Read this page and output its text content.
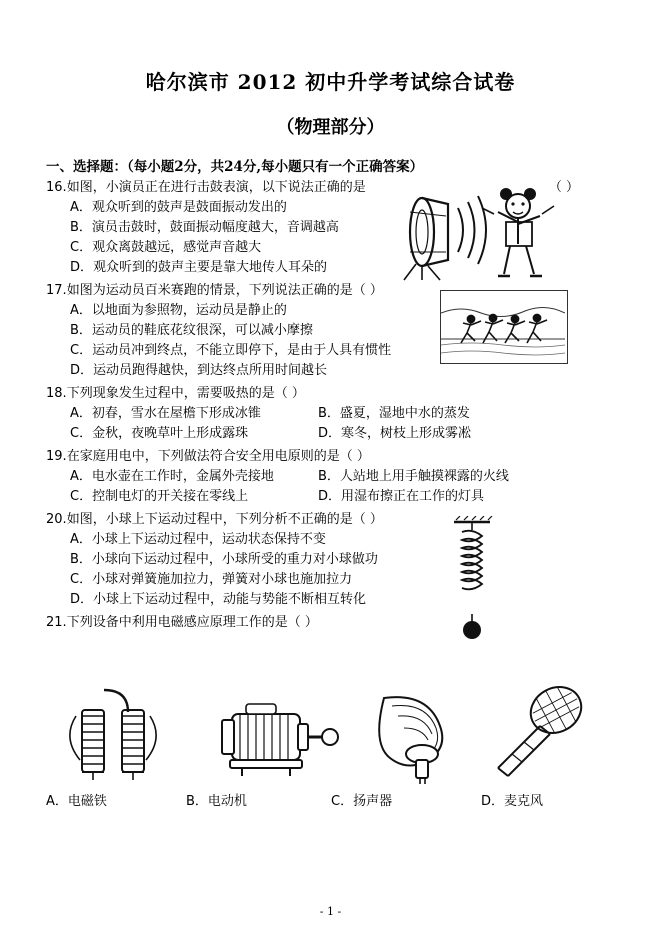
哈尔滨市 2012 初中升学考试综合试卷
（物理部分）
一、选择题：（每小题2分，共24分,每小题只有一个正确答案）
16.如图，小演员正在进行击鼓表演，以下说法正确的是	（ ）
A．观众听到的鼓声是鼓面振动发出的
B．演员击鼓时，鼓面振动幅度越大，音调越高
C．观众离鼓越远，感觉声音越大
D．观众听到的鼓声主要是靠大地传人耳朵的
17.如图为运动员百米赛跑的情景，下列说法正确的是（ ）
A．以地面为参照物，运动员是静止的
B．运动员的鞋底花纹很深，可以减小摩擦
C．运动员冲到终点，不能立即停下，是由于人具有惯性
D．运动员跑得越快，到达终点所用时间越长
18.下列现象发生过程中，需要吸热的是（ ）
A．初春，雪水在屋檐下形成冰锥	B．盛夏，湿地中水的蒸发
C．金秋，夜晚草叶上形成露珠	D．寒冬，树枝上形成雾凇
19.在家庭用电中，下列做法符合安全用电原则的是（ ）
A．电水壶在工作时，金属外壳接地	B．人站地上用手触摸裸露的火线
C．控制电灯的开关接在零线上	D．用湿布擦正在工作的灯具
20.如图，小球上下运动过程中，下列分析不正确的是（ ）
A．小球上下运动过程中，运动状态保持不变
B．小球向下运动过程中，小球所受的重力对小球做功
C．小球对弹簧施加拉力，弹簧对小球也施加拉力
D．小球上下运动过程中，动能与势能不断相互转化
21.下列设备中利用电磁感应原理工作的是（ ）
A．电磁铁	B．电动机	C．扬声器	D．麦克风
- 1 -
